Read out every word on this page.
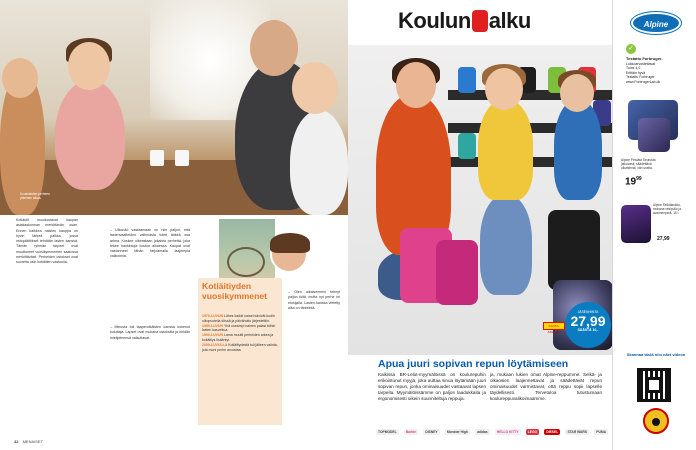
Koululaisten perheen yhteinen aikaa.
Kotiäidit muodostavat kaupan asiakaskunnan merkittävän osan. Ennen kaikkea naisten kauppa on hyvin tärkeä paikka, jossa ostopäätökset tehdään lasten kanssa. Tämän ryhmän tarpeet ovat muuttuneet vuosikymmenten saatossa merkittävästi. Perheiden ostokset ovat suurelta osin kotiäitien vastuulla.
– Ulkonäö vastaamaan on niin paljon, että lastenvaatteiden valinnasta tulee tärkeä osa arkea. Koskee oikeastaan jokaista perhettä, joka tekee hankintoja koulun alkaessa. Kaupat ovat vastanneet tähän tarjoamalla laajempia valikoimia.
– Minusta tuli taaperoikäisten kanssa kokenut kuluttaja. Lapset ovat mukana ostoksilla ja heidän mielipiteensä vaikuttavat.
Kotiäitiyden vuosikymmenet

1970-LUVUN Lähes kaikki naiset kävivät kodin ulkopuolella töissä ja päivähoito järjestettiin.

1980-LUVUN Yhä useampi nainen palasi töihin lasten kasvettua.

1990-LUVUN Lama muutti perheiden arkea ja kotiäitiys lisääntyi.

2000-LUVULLA Kotiäitiydestä tuli jälleen valinta, jota moni perhe arvostaa.

– Olen aikaisemmin tehnyt paljon töitä, mutta nyt perhe on etusijalla. Lasten kanssa vietetty aika on tärkeintä.
42 MENAISET
Koulun alku
KANTA-ASIAKAS
JÄSENHINTA
27,99
SÄÄSTÄ 10,-
Apua juuri sopivan repun löytämiseen
Kaikissa BR-Lelut-myymälöissä on koulurepuhin erikoistunut myyjä, joka auttaa sinua löytämään juuri sopivan repun, jonka ominaisuudet vastaavat lapsen tarpeita. Myymälöissämme on paljon laadukkaita ja ergonomisesti oikein suunniteltuja reppuja.
ja, mukaan lukien omat Alpine-reppumme. Selkä- ja olkaosien laajennettavat ja säädettävät repun ominaisuudet varmistavat, että reppu sopii lapselle täydellisesti. Tervetuloa tutustumaan koulureppuvalikoimaamme.
TOPMODEL	Barbie	DISNEY	Monster High	adidas	HELLO KITTY	LEGO	DIESEL	STAR WARS	PUMA
Alpine
✓
Testattu Forbruger-
Lukkoarvosteltavat
Tulos 4,0
Erittäin hyvä
Testattu Forbruger
www.ForbrugerLab.dk
Alpine Pinsiast Seurusta jatkuvasti, säädettävä olkahihnat, väri useita.
$19^{99}$
Alpine Selkälaukku, mukana vesipullo ja avaimenperä, 16 l.
27,99
Skannaa tästä niin näet videon
